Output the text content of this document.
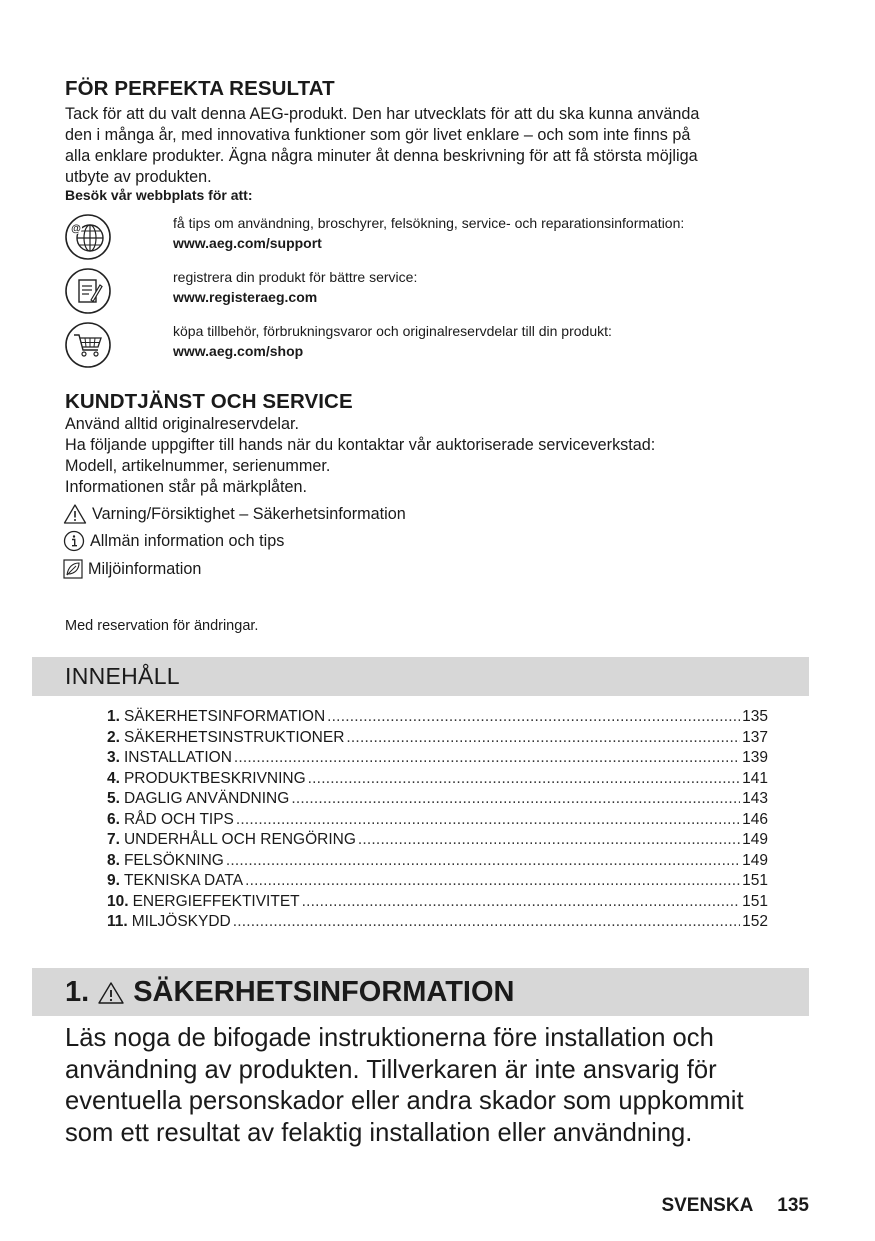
FÖR PERFEKTA RESULTAT
Tack för att du valt denna AEG-produkt. Den har utvecklats för att du ska kunna använda
den i många år, med innovativa funktioner som gör livet enklare – och som inte finns på
alla enklare produkter. Ägna några minuter åt denna beskrivning för att få största möjliga
utbyte av produkten.
Besök vår webbplats för att:
@	få tips om användning, broschyrer, felsökning, service- och reparationsinformation:
www.aeg.com/support
registrera din produkt för bättre service:
www.registeraeg.com
köpa tillbehör, förbrukningsvaror och originalreservdelar till din produkt:
www.aeg.com/shop
KUNDTJÄNST OCH SERVICE
Använd alltid originalreservdelar.
Ha följande uppgifter till hands när du kontaktar vår auktoriserade serviceverkstad:
Modell, artikelnummer, serienummer.
Informationen står på märkplåten.
Varning/Försiktighet – Säkerhetsinformation
Allmän information och tips
Miljöinformation
Med reservation för ändringar.
INNEHÅLL
1. SÄKERHETSINFORMATION .....	135
2. SÄKERHETSINSTRUKTIONER .....	137
3. INSTALLATION .....	139
4. PRODUKTBESKRIVNING .....	141
5. DAGLIG ANVÄNDNING .....	143
6. RÅD OCH TIPS .....	146
7. UNDERHÅLL OCH RENGÖRING .....	149
8. FELSÖKNING .....	149
9. TEKNISKA DATA .....	151
10. ENERGIEFFEKTIVITET .....	151
11. MILJÖSKYDD .....	152
1. SÄKERHETSINFORMATION
Läs noga de bifogade instruktionerna före installation och
användning av produkten. Tillverkaren är inte ansvarig för
eventuella personskador eller andra skador som uppkommit
som ett resultat av felaktig installation eller användning.
SVENSKA 135
